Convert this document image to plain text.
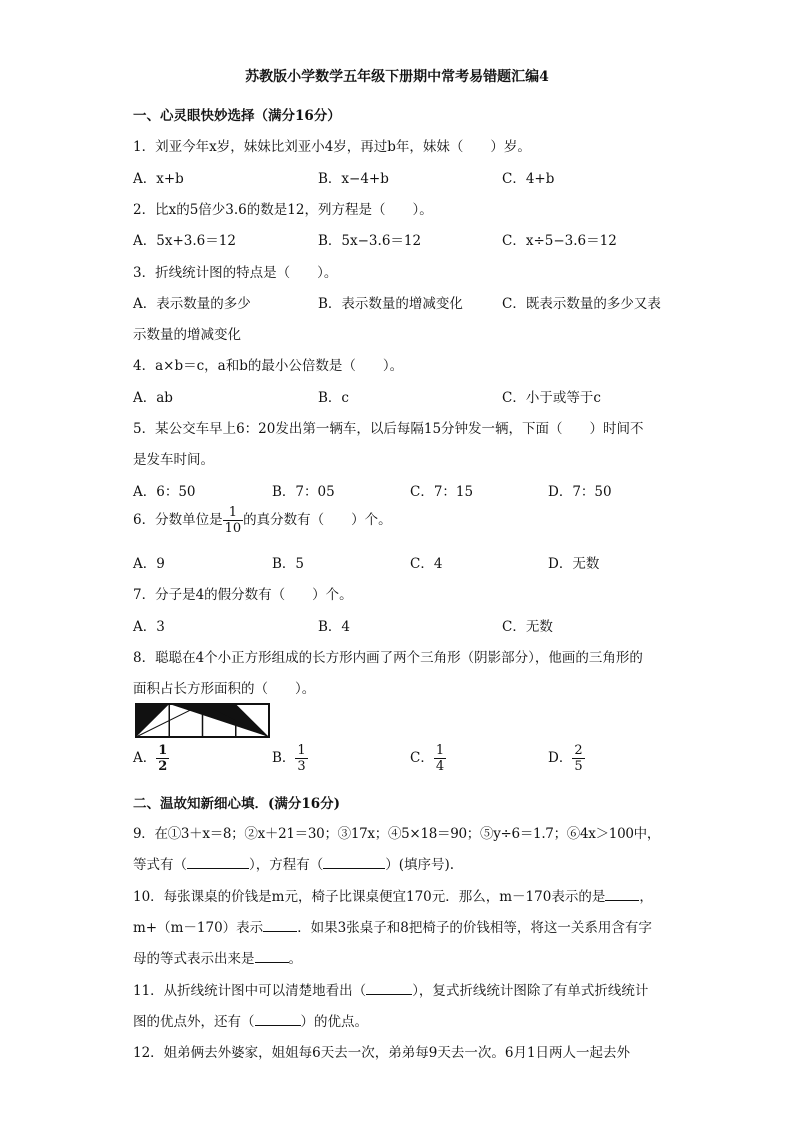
苏教版小学数学五年级下册期中常考易错题汇编4
一、心灵眼快妙选择（满分16分）
1．刘亚今年x岁，妹妹比刘亚小4岁，再过b年，妹妹（　　）岁。
A．x+b	B．x−4+b	C．4+b
2．比x的5倍少3.6的数是12，列方程是（　　）。
A．5x+3.6＝12	B．5x−3.6＝12	C．x÷5−3.6＝12
3．折线统计图的特点是（　　）。
A．表示数量的多少	B．表示数量的增减变化	C．既表示数量的多少又表
示数量的增减变化
4．a×b＝c，a和b的最小公倍数是（　　）。
A．ab	B．c	C．小于或等于c
5．某公交车早上6：20发出第一辆车，以后每隔15分钟发一辆，下面（　　）时间不
是发车时间。
A．6：50	B．7：05	C．7：15	D．7：50
6．分数单位是 $\frac{1}{10}$ 的真分数有（　　）个。
A．9	B．5	C．4	D．无数
7．分子是4的假分数有（　　）个。
A．3	B．4	C．无数
8．聪聪在4个小正方形组成的长方形内画了两个三角形（阴影部分），他画的三角形的
面积占长方形面积的（　　）。
A． $\frac{1}{2}$	B． $\frac{1}{3}$	C． $\frac{1}{4}$	D． $\frac{2}{5}$
二、温故知新细心填．(满分16分)
9．在①3＋x＝8；②x＋21＝30；③17x；④5×18＝90；⑤y÷6＝1.7；⑥4x＞100中，
等式有（	），方程有（	）(填序号).
10．每张课桌的价钱是m元，椅子比课桌便宜170元．那么，m－170表示的是	，
m+（m－170）表示	．如果3张桌子和8把椅子的价钱相等，将这一关系用含有字
母的等式表示出来是	。
11．从折线统计图中可以清楚地看出（	），复式折线统计图除了有单式折线统计
图的优点外，还有（	）的优点。
12．姐弟俩去外婆家，姐姐每6天去一次，弟弟每9天去一次。6月1日两人一起去外
